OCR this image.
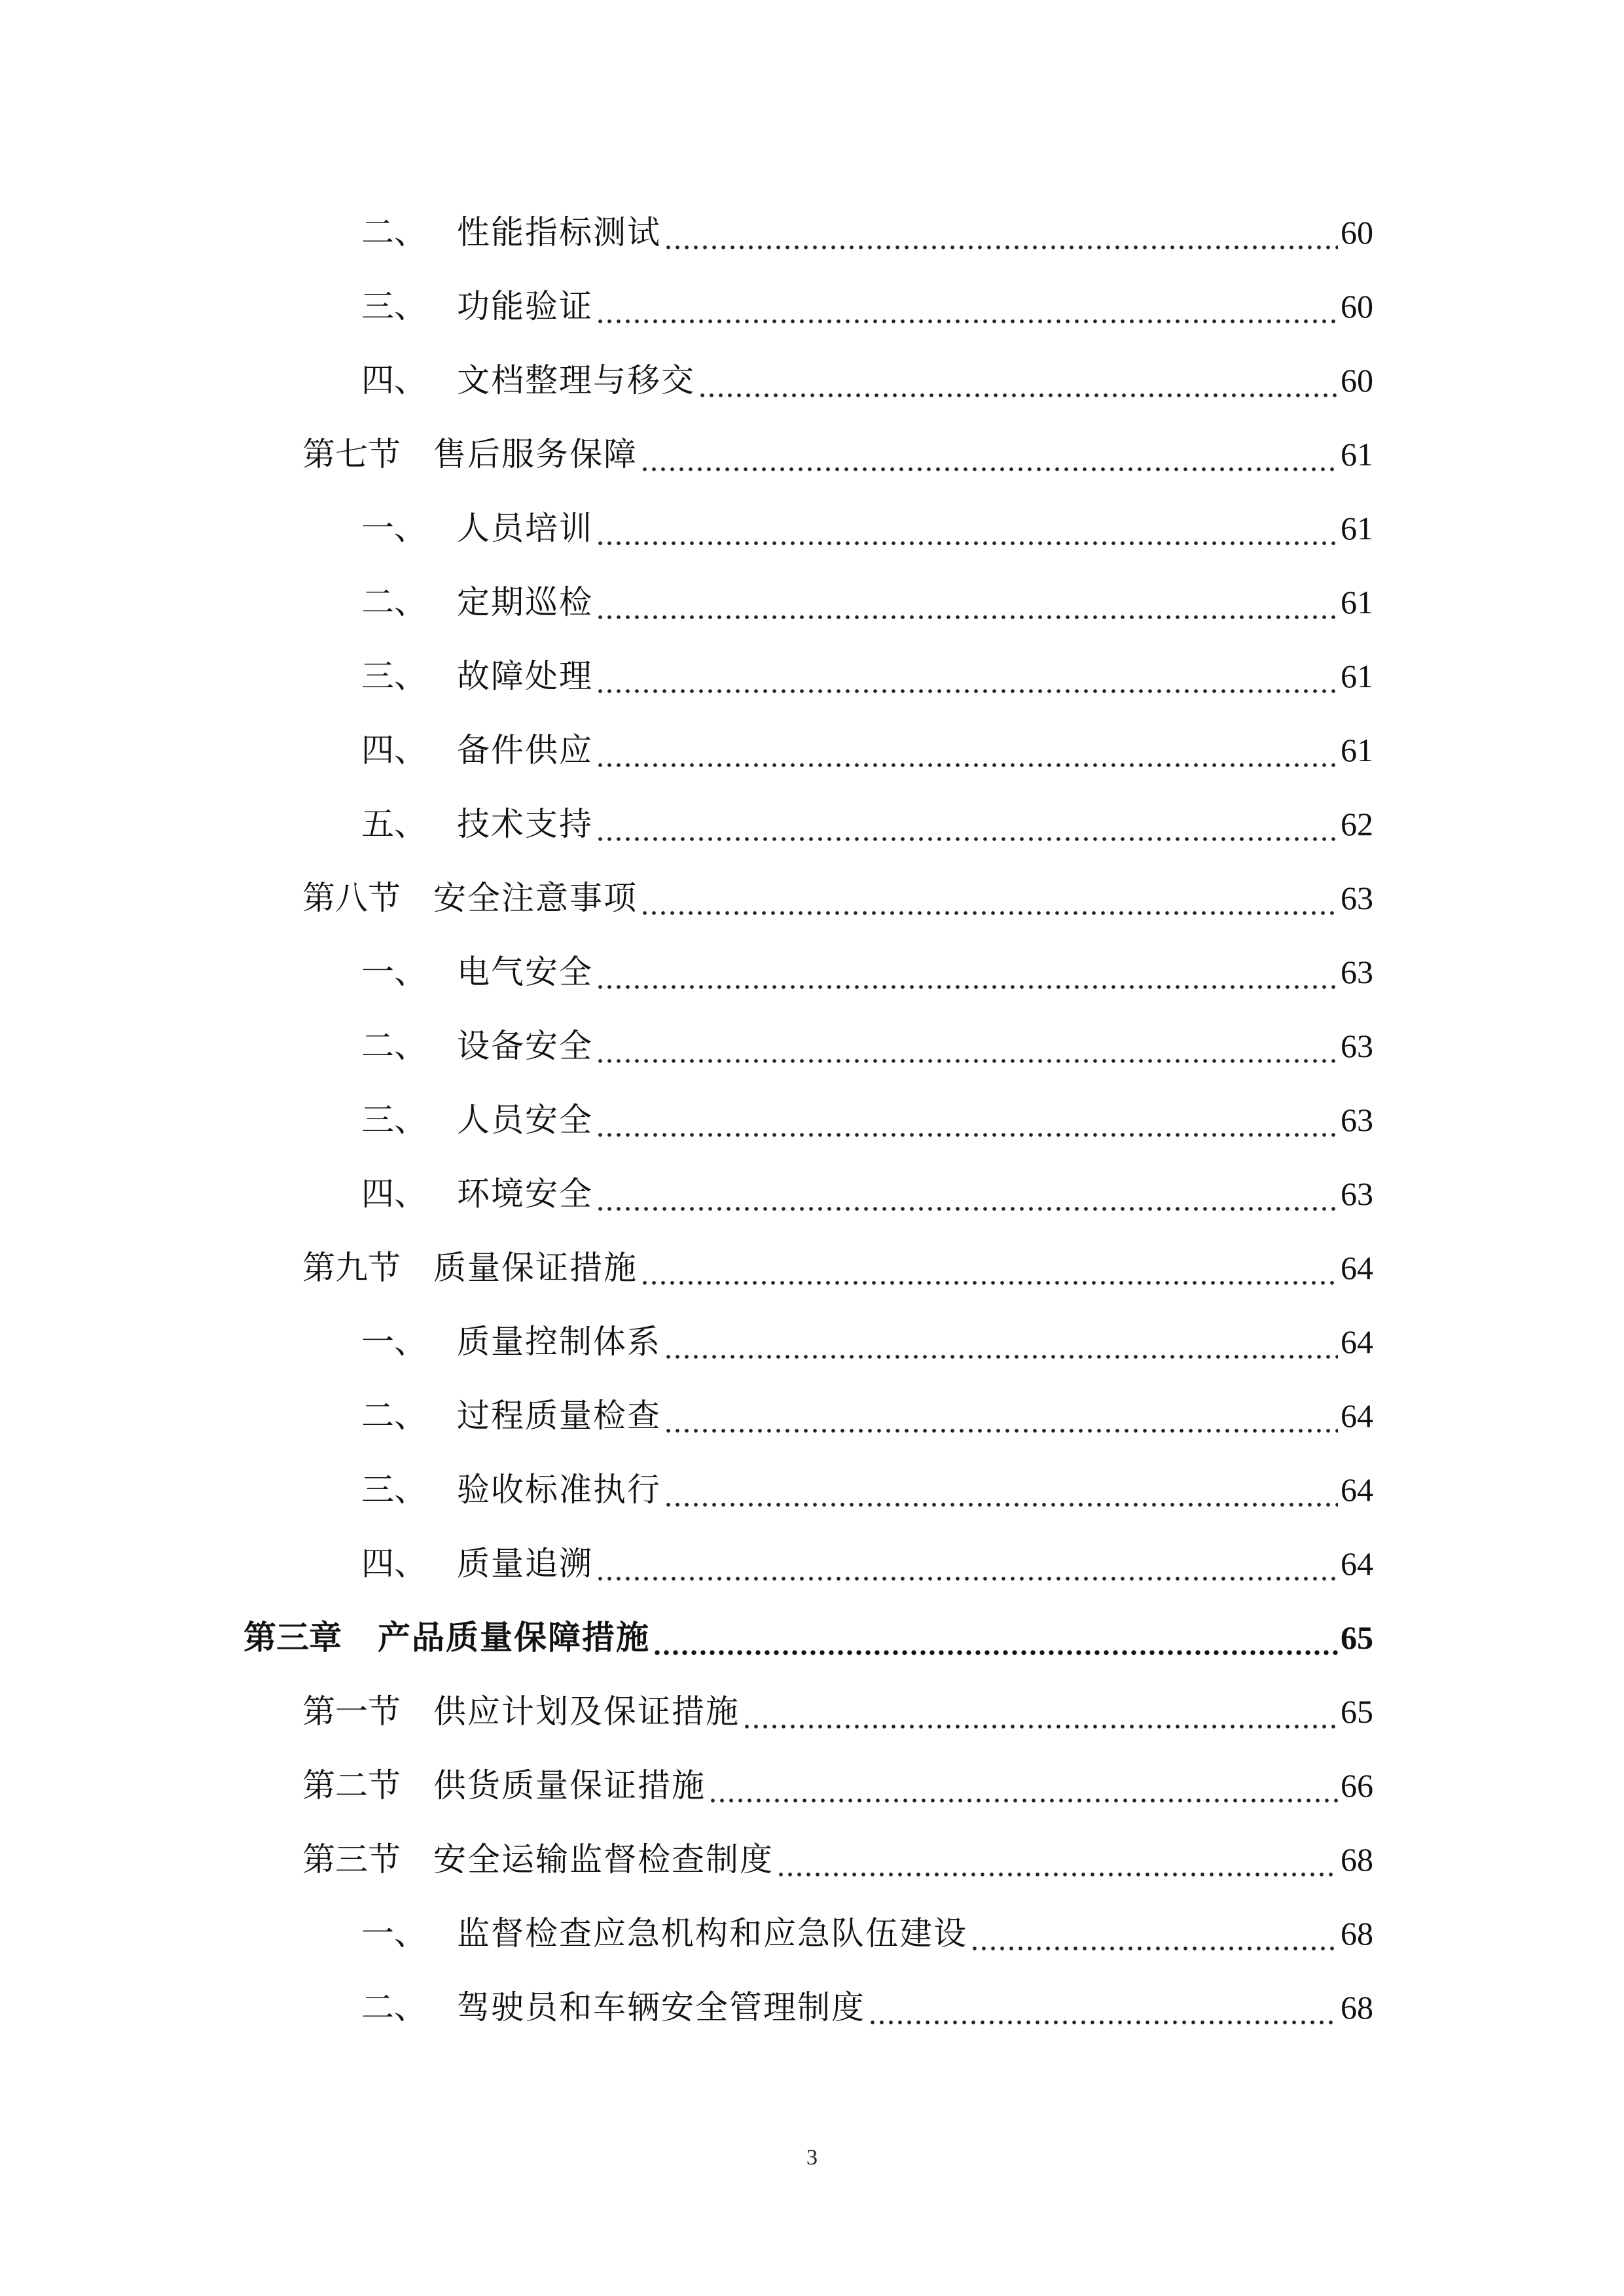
二、 性能指标测试	60
三、 功能验证	60
四、 文档整理与移交	60
第七节	售后服务保障	61
一、 人员培训	61
二、 定期巡检	61
三、 故障处理	61
四、 备件供应	61
五、 技术支持	62
第八节	安全注意事项	63
一、 电气安全	63
二、 设备安全	63
三、 人员安全	63
四、 环境安全	63
第九节	质量保证措施	64
一、 质量控制体系	64
二、 过程质量检查	64
三、 验收标准执行	64
四、 质量追溯	64
第三章	产品质量保障措施	65
第一节	供应计划及保证措施	65
第二节	供货质量保证措施	66
第三节	安全运输监督检查制度	68
一、 监督检查应急机构和应急队伍建设	68
二、 驾驶员和车辆安全管理制度	68
3
